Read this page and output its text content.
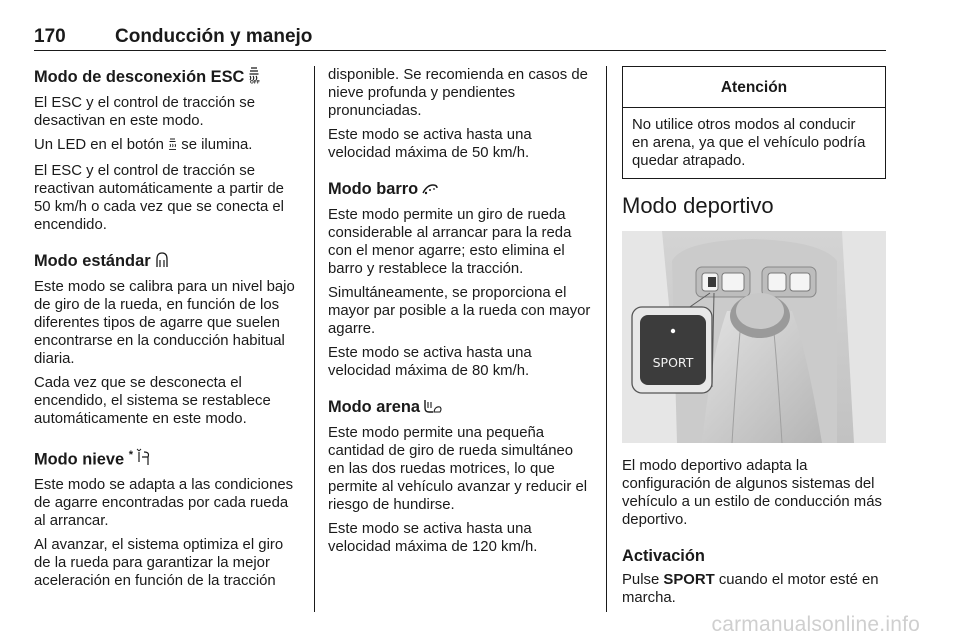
170	Conducción y manejo
Modo de desconexión ESC OFF

El ESC y el control de tracción se desactivan en este modo.

Un LED en el botón se ilumina.

El ESC y el control de tracción se reactivan automáticamente a partir de 50 km/h o cada vez que se conecta el encendido.

Modo estándar

Este modo se calibra para un nivel bajo de giro de la rueda, en función de los diferentes tipos de agarre que suelen encontrarse en la conducción habitual diaria.

Cada vez que se desconecta el encendido, el sistema se restablece automáticamente en este modo.

Modo nieve *

Este modo se adapta a las condiciones de agarre encontradas por cada rueda al arrancar.

Al avanzar, el sistema optimiza el giro de la rueda para garantizar la mejor aceleración en función de la tracción

disponible. Se recomienda en casos de nieve profunda y pendientes pronunciadas.

Este modo se activa hasta una velocidad máxima de 50 km/h.

Modo barro

Este modo permite un giro de rueda considerable al arrancar para la reda con el menor agarre; esto elimina el barro y restablece la tracción.

Simultáneamente, se proporciona el mayor par posible a la rueda con mayor agarre.

Este modo se activa hasta una velocidad máxima de 80 km/h.

Modo arena

Este modo permite una pequeña cantidad de giro de rueda simultáneo en las dos ruedas motrices, lo que permite al vehículo avanzar y reducir el riesgo de hundirse.

Este modo se activa hasta una velocidad máxima de 120 km/h.

Atención

No utilice otros modos al conducir en arena, ya que el vehículo podría quedar atrapado.

Modo deportivo
SPORT

El modo deportivo adapta la configuración de algunos sistemas del vehículo a un estilo de conducción más deportivo.

Activación

Pulse SPORT cuando el motor esté en marcha.

carmanualsonline.info
